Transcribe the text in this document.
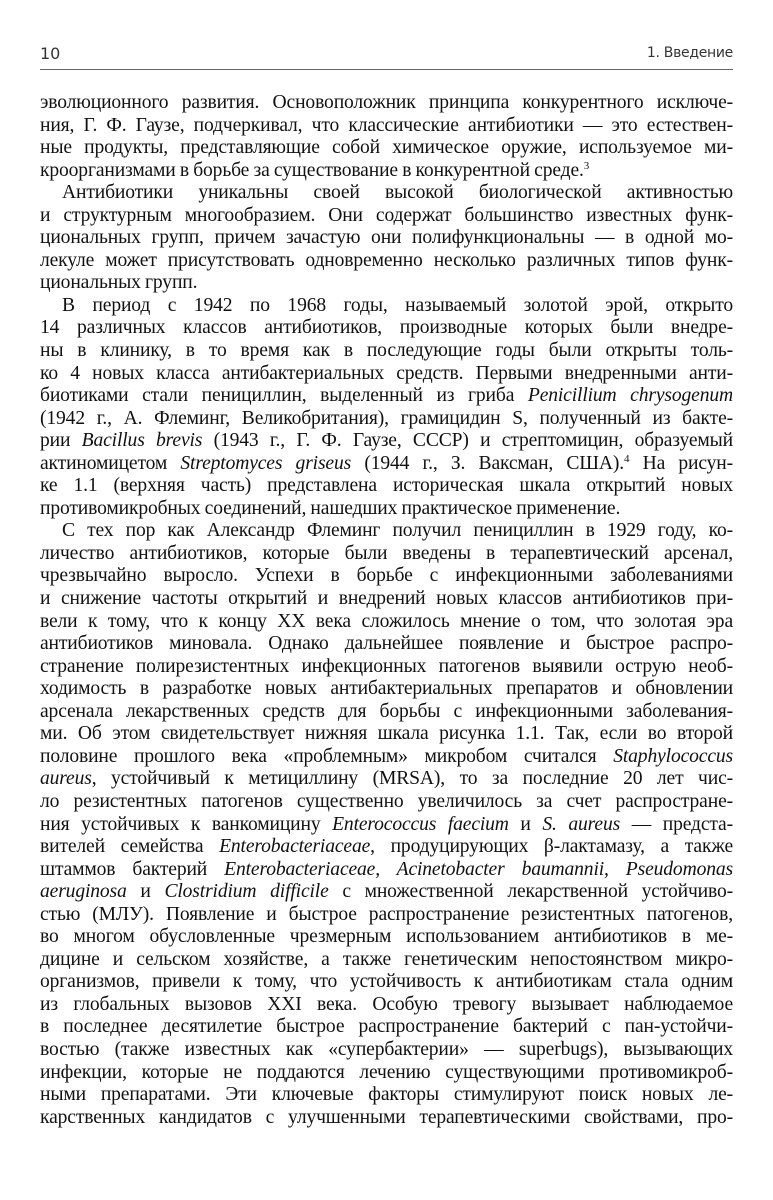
10	1. Введение
эволюционного развития. Основоположник принципа конкурентного исключе-
ния, Г. Ф. Гаузе, подчеркивал, что классические антибиотики — это естествен-
ные продукты, представляющие собой химическое оружие, используемое ми-
кроорганизмами в борьбе за существование в конкурентной среде.$^3$
Антибиотики уникальны своей высокой биологической активностью
и структурным многообразием. Они содержат большинство известных функ-
циональных групп, причем зачастую они полифункциональны — в одной мо-
лекуле может присутствовать одновременно несколько различных типов функ-
циональных групп.
В период с 1942 по 1968 годы, называемый золотой эрой, открыто
14 различных классов антибиотиков, производные которых были внедре-
ны в клинику, в то время как в последующие годы были открыты толь-
ко 4 новых класса антибактериальных средств. Первыми внедренными анти-
биотиками стали пенициллин, выделенный из гриба Penicillium chrysogenum
(1942 г., А. Флеминг, Великобритания), грамицидин S, полученный из бакте-
рии Bacillus brevis (1943 г., Г. Ф. Гаузе, СССР) и стрептомицин, образуемый
актиномицетом Streptomyces griseus (1944 г., З. Ваксман, США).$^4$ На рисун-
ке 1.1 (верхняя часть) представлена историческая шкала открытий новых
противомикробных соединений, нашедших практическое применение.
С тех пор как Александр Флеминг получил пенициллин в 1929 году, ко-
личество антибиотиков, которые были введены в терапевтический арсенал,
чрезвычайно выросло. Успехи в борьбе с инфекционными заболеваниями
и снижение частоты открытий и внедрений новых классов антибиотиков при-
вели к тому, что к концу XX века сложилось мнение о том, что золотая эра
антибиотиков миновала. Однако дальнейшее появление и быстрое распро-
странение полирезистентных инфекционных патогенов выявили острую необ-
ходимость в разработке новых антибактериальных препаратов и обновлении
арсенала лекарственных средств для борьбы с инфекционными заболевания-
ми. Об этом свидетельствует нижняя шкала рисунка 1.1. Так, если во второй
половине прошлого века «проблемным» микробом считался Staphylococcus
aureus, устойчивый к метициллину (MRSA), то за последние 20 лет чис-
ло резистентных патогенов существенно увеличилось за счет распростране-
ния устойчивых к ванкомицину Enterococcus faecium и S. aureus — предста-
вителей семейства Enterobacteriaceae, продуцирующих β-лактамазу, а также
штаммов бактерий Enterobacteriaceae, Acinetobacter baumannii, Pseudomonas
aeruginosa и Clostridium difficile с множественной лекарственной устойчиво-
стью (МЛУ). Появление и быстрое распространение резистентных патогенов,
во многом обусловленные чрезмерным использованием антибиотиков в ме-
дицине и сельском хозяйстве, а также генетическим непостоянством микро-
организмов, привели к тому, что устойчивость к антибиотикам стала одним
из глобальных вызовов XXI века. Особую тревогу вызывает наблюдаемое
в последнее десятилетие быстрое распространение бактерий с пан-устойчи-
востью (также известных как «супербактерии» — superbugs), вызывающих
инфекции, которые не поддаются лечению существующими противомикроб-
ными препаратами. Эти ключевые факторы стимулируют поиск новых ле-
карственных кандидатов с улучшенными терапевтическими свойствами, про-
